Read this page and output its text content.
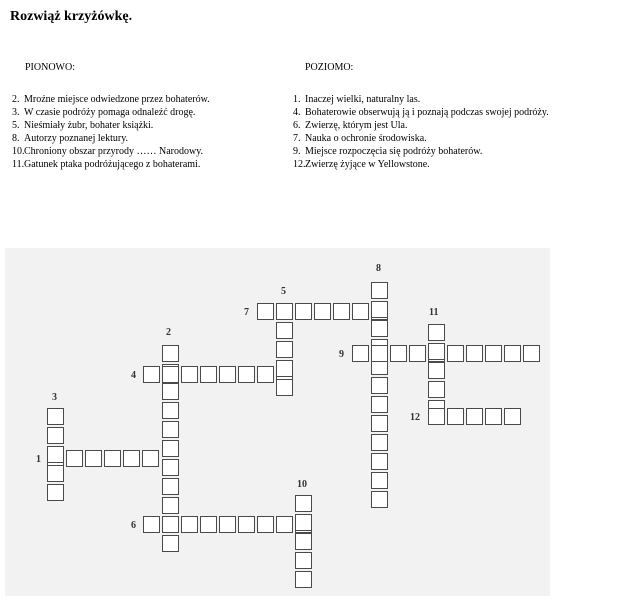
Rozwiąż krzyżówkę.
PIONOWO:
2. Mroźne miejsce odwiedzone przez bohaterów.
3. W czasie podróży pomaga odnaleźć drogę.
5. Nieśmiały żubr, bohater książki.
8. Autorzy poznanej lektury.
10. Chroniony obszar przyrody …… Narodowy.
11. Gatunek ptaka podróżującego z bohaterami.
POZIOMO:
1. Inaczej wielki, naturalny las.
4. Bohaterowie obserwują ją i poznają podczas swojej podróży.
6. Zwierzę, którym jest Ula.
7. Nauka o ochronie środowiska.
9. Miejsce rozpoczęcia się podróży bohaterów.
12. Zwierzę żyjące w Yellowstone.
1
2
3
4
5
6
7
8
9
10
11
12
